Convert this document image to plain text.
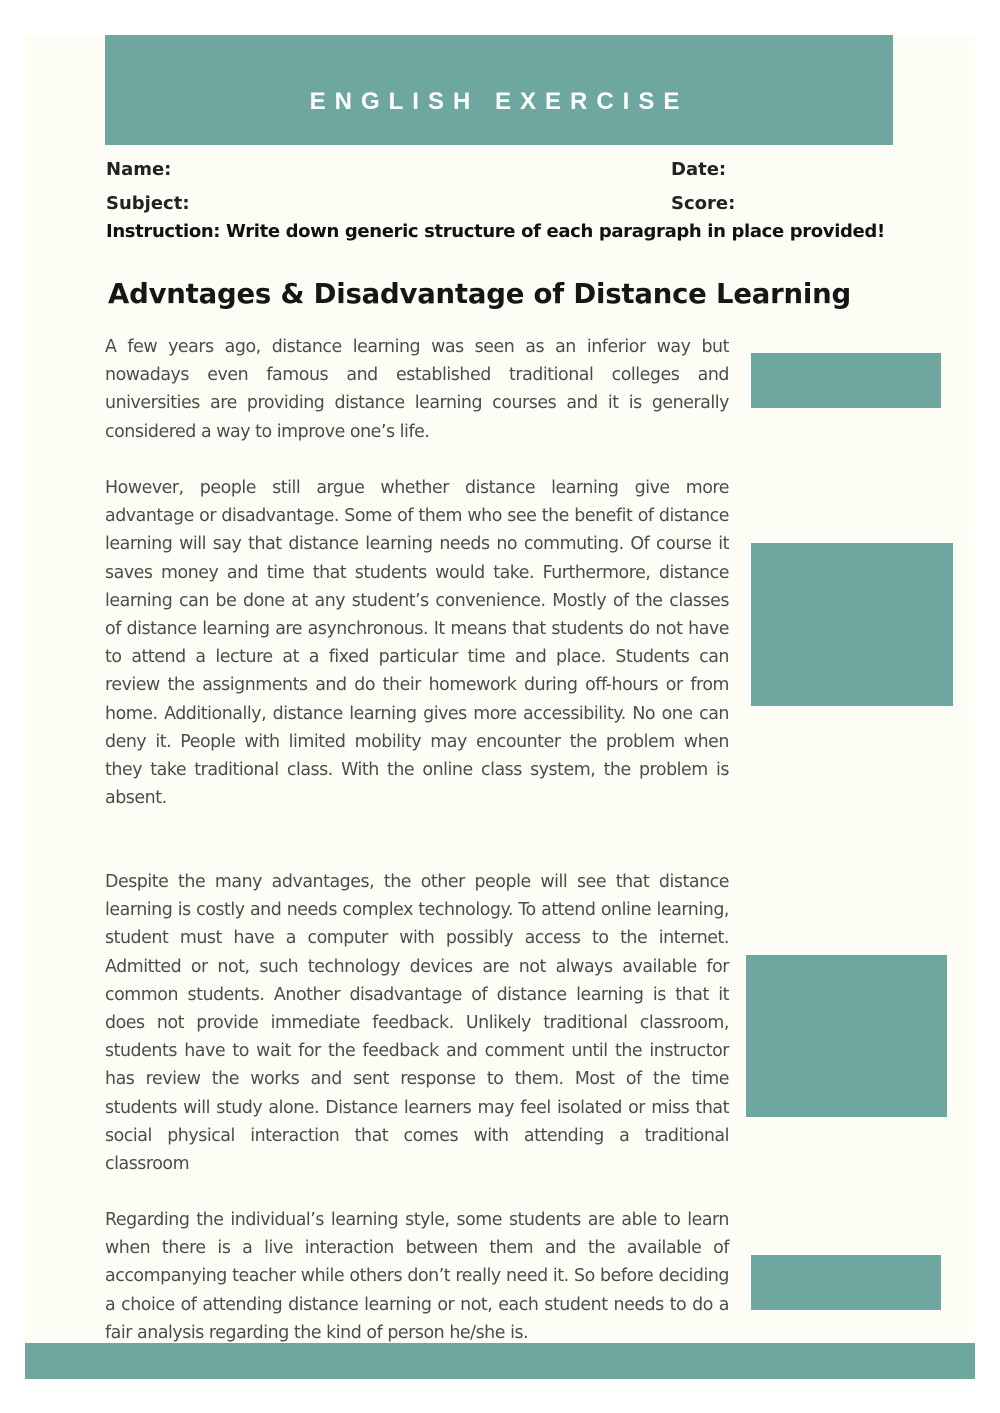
ENGLISH EXERCISE
Name:	Date:
Subject:	Score:
Instruction: Write down generic structure of each paragraph in place provided!
Advntages & Disadvantage of Distance Learning

A few years ago, distance learning was seen as an inferior way but nowadays even famous and established traditional colleges and universities are providing distance learning courses and it is generally considered a way to improve one’s life.

However, people still argue whether distance learning give more advantage or disadvantage. Some of them who see the benefit of distance learning will say that distance learning needs no commuting. Of course it saves money and time that students would take. Furthermore, distance learning can be done at any student’s convenience. Mostly of the classes of distance learning are asynchronous. It means that students do not have to attend a lecture at a fixed particular time and place. Students can review the assignments and do their homework during off-hours or from home. Additionally, distance learning gives more accessibility. No one can deny it. People with limited mobility may encounter the problem when they take traditional class. With the online class system, the problem is absent.

Despite the many advantages, the other people will see that distance learning is costly and needs complex technology. To attend online learning, student must have a computer with possibly access to the internet. Admitted or not, such technology devices are not always available for common students. Another disadvantage of distance learning is that it does not provide immediate feedback. Unlikely traditional classroom, students have to wait for the feedback and comment until the instructor has review the works and sent response to them. Most of the time students will study alone. Distance learners may feel isolated or miss that social physical interaction that comes with attending a traditional classroom

Regarding the individual’s learning style, some students are able to learn when there is a live interaction between them and the available of accompanying teacher while others don’t really need it. So before deciding a choice of attending distance learning or not, each student needs to do a fair analysis regarding the kind of person he/she is.
